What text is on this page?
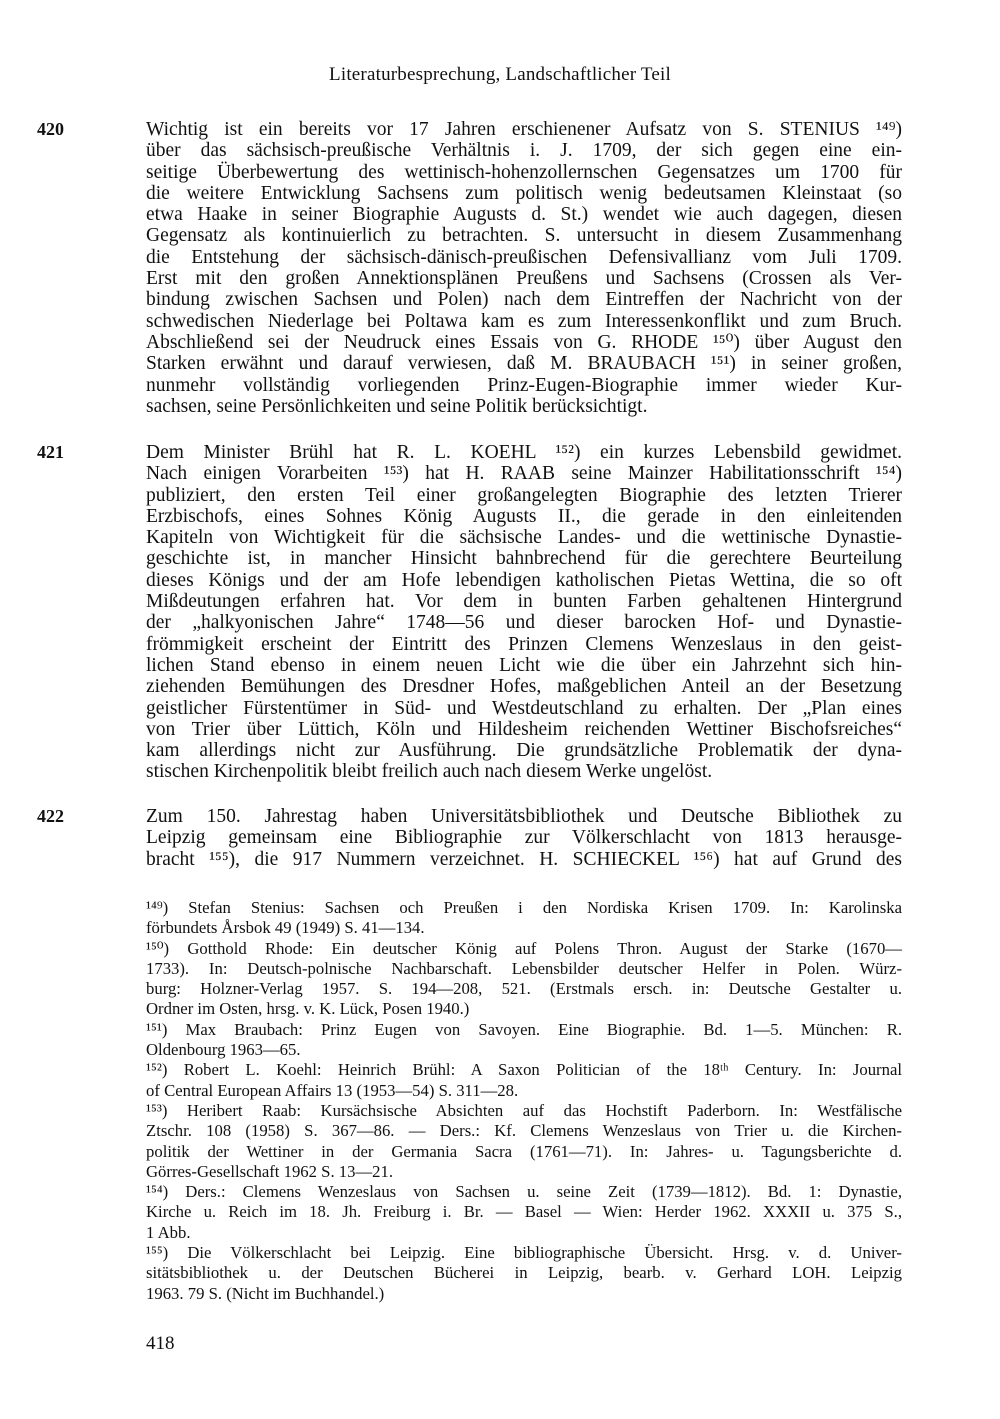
Literaturbesprechung, Landschaftlicher Teil
420	Wichtig ist ein bereits vor 17 Jahren erschienener Aufsatz von S. STENIUS ¹⁴⁹)
über das sächsisch-preußische Verhältnis i. J. 1709, der sich gegen eine ein-
seitige Überbewertung des wettinisch-hohenzollernschen Gegensatzes um 1700 für
die weitere Entwicklung Sachsens zum politisch wenig bedeutsamen Kleinstaat (so
etwa Haake in seiner Biographie Augusts d. St.) wendet wie auch dagegen, diesen
Gegensatz als kontinuierlich zu betrachten. S. untersucht in diesem Zusammenhang
die Entstehung der sächsisch-dänisch-preußischen Defensivallianz vom Juli 1709.
Erst mit den großen Annektionsplänen Preußens und Sachsens (Crossen als Ver-
bindung zwischen Sachsen und Polen) nach dem Eintreffen der Nachricht von der
schwedischen Niederlage bei Poltawa kam es zum Interessenkonflikt und zum Bruch.
Abschließend sei der Neudruck eines Essais von G. RHODE ¹⁵⁰) über August den
Starken erwähnt und darauf verwiesen, daß M. BRAUBACH ¹⁵¹) in seiner großen,
nunmehr vollständig vorliegenden Prinz-Eugen-Biographie immer wieder Kur-
sachsen, seine Persönlichkeiten und seine Politik berücksichtigt.
421	Dem Minister Brühl hat R. L. KOEHL ¹⁵²) ein kurzes Lebensbild gewidmet.
Nach einigen Vorarbeiten ¹⁵³) hat H. RAAB seine Mainzer Habilitationsschrift ¹⁵⁴)
publiziert, den ersten Teil einer großangelegten Biographie des letzten Trierer
Erzbischofs, eines Sohnes König Augusts II., die gerade in den einleitenden
Kapiteln von Wichtigkeit für die sächsische Landes- und die wettinische Dynastie-
geschichte ist, in mancher Hinsicht bahnbrechend für die gerechtere Beurteilung
dieses Königs und der am Hofe lebendigen katholischen Pietas Wettina, die so oft
Mißdeutungen erfahren hat. Vor dem in bunten Farben gehaltenen Hintergrund
der „halkyonischen Jahre“ 1748—56 und dieser barocken Hof- und Dynastie-
frömmigkeit erscheint der Eintritt des Prinzen Clemens Wenzeslaus in den geist-
lichen Stand ebenso in einem neuen Licht wie die über ein Jahrzehnt sich hin-
ziehenden Bemühungen des Dresdner Hofes, maßgeblichen Anteil an der Besetzung
geistlicher Fürstentümer in Süd- und Westdeutschland zu erhalten. Der „Plan eines
von Trier über Lüttich, Köln und Hildesheim reichenden Wettiner Bischofsreiches“
kam allerdings nicht zur Ausführung. Die grundsätzliche Problematik der dyna-
stischen Kirchenpolitik bleibt freilich auch nach diesem Werke ungelöst.
422	Zum 150. Jahrestag haben Universitätsbibliothek und Deutsche Bibliothek zu
Leipzig gemeinsam eine Bibliographie zur Völkerschlacht von 1813 herausge-
bracht ¹⁵⁵), die 917 Nummern verzeichnet. H. SCHIECKEL ¹⁵⁶) hat auf Grund des
¹⁴⁹) Stefan Stenius: Sachsen och Preußen i den Nordiska Krisen 1709. In: Karolinska
förbundets Årsbok 49 (1949) S. 41—134.
¹⁵⁰) Gotthold Rhode: Ein deutscher König auf Polens Thron. August der Starke (1670—
1733). In: Deutsch-polnische Nachbarschaft. Lebensbilder deutscher Helfer in Polen. Würz-
burg: Holzner-Verlag 1957. S. 194—208, 521. (Erstmals ersch. in: Deutsche Gestalter u.
Ordner im Osten, hrsg. v. K. Lück, Posen 1940.)
¹⁵¹) Max Braubach: Prinz Eugen von Savoyen. Eine Biographie. Bd. 1—5. München: R.
Oldenbourg 1963—65.
¹⁵²) Robert L. Koehl: Heinrich Brühl: A Saxon Politician of the 18ᵗʰ Century. In: Journal
of Central European Affairs 13 (1953—54) S. 311—28.
¹⁵³) Heribert Raab: Kursächsische Absichten auf das Hochstift Paderborn. In: Westfälische
Ztschr. 108 (1958) S. 367—86. — Ders.: Kf. Clemens Wenzeslaus von Trier u. die Kirchen-
politik der Wettiner in der Germania Sacra (1761—71). In: Jahres- u. Tagungsberichte d.
Görres-Gesellschaft 1962 S. 13—21.
¹⁵⁴) Ders.: Clemens Wenzeslaus von Sachsen u. seine Zeit (1739—1812). Bd. 1: Dynastie,
Kirche u. Reich im 18. Jh. Freiburg i. Br. — Basel — Wien: Herder 1962. XXXII u. 375 S.,
1 Abb.
¹⁵⁵) Die Völkerschlacht bei Leipzig. Eine bibliographische Übersicht. Hrsg. v. d. Univer-
sitätsbibliothek u. der Deutschen Bücherei in Leipzig, bearb. v. Gerhard LOH. Leipzig
1963. 79 S. (Nicht im Buchhandel.)
418
